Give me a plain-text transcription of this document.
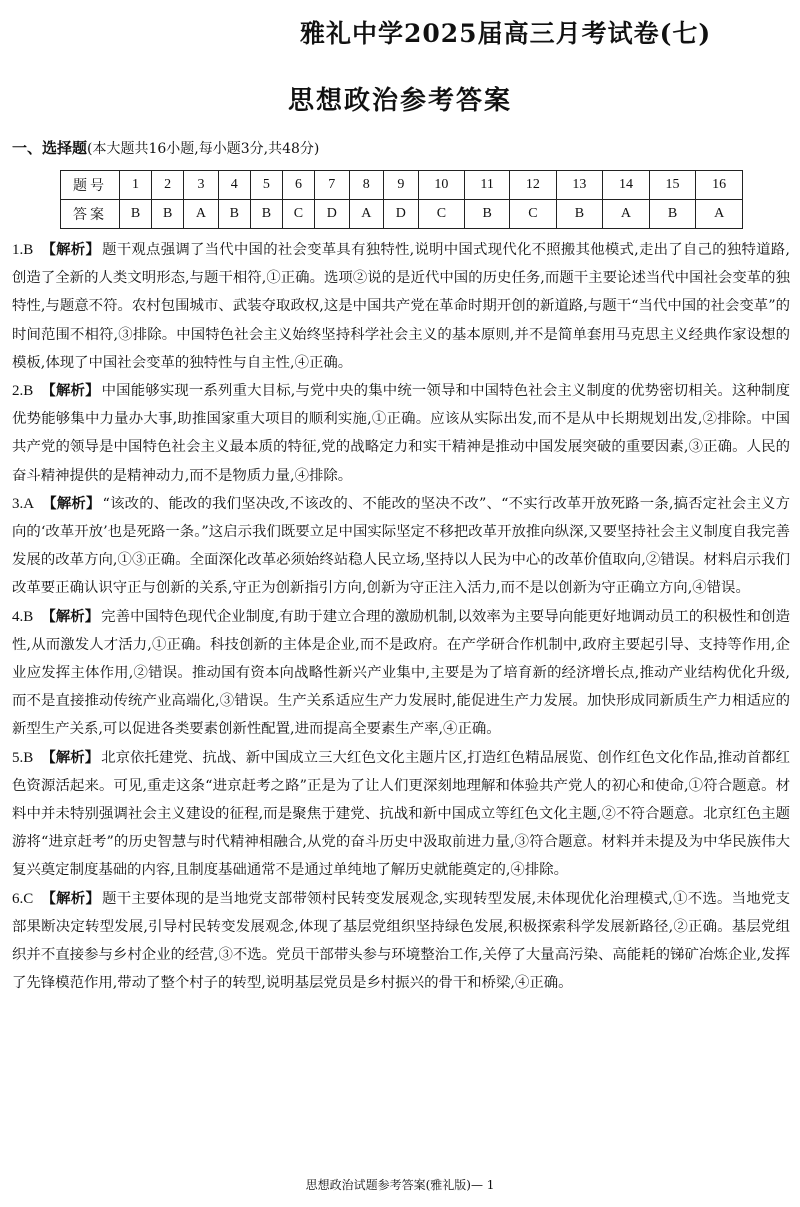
雅礼中学2025届高三月考试卷(七)
思想政治参考答案
一、选择题(本大题共16小题,每小题3分,共48分)
题号	1	2	3	4	5	6	7	8	9	10	11	12	13	14	15	16
答案	B	B	A	B	B	C	D	A	D	C	B	C	B	A	B	A
1.B 【解析】 题干观点强调了当代中国的社会变革具有独特性,说明中国式现代化不照搬其他模式,走出了自己的独特道路,创造了全新的人类文明形态,与题干相符,①正确。选项②说的是近代中国的历史任务,而题干主要论述当代中国社会变革的独特性,与题意不符。农村包围城市、武装夺取政权,这是中国共产党在革命时期开创的新道路,与题干“当代中国的社会变革”的时间范围不相符,③排除。中国特色社会主义始终坚持科学社会主义的基本原则,并不是简单套用马克思主义经典作家设想的模板,体现了中国社会变革的独特性与自主性,④正确。
2.B 【解析】 中国能够实现一系列重大目标,与党中央的集中统一领导和中国特色社会主义制度的优势密切相关。这种制度优势能够集中力量办大事,助推国家重大项目的顺利实施,①正确。应该从实际出发,而不是从中长期规划出发,②排除。中国共产党的领导是中国特色社会主义最本质的特征,党的战略定力和实干精神是推动中国发展突破的重要因素,③正确。人民的奋斗精神提供的是精神动力,而不是物质力量,④排除。
3.A 【解析】 “该改的、能改的我们坚决改,不该改的、不能改的坚决不改”、“不实行改革开放死路一条,搞否定社会主义方向的‘改革开放’也是死路一条。”这启示我们既要立足中国实际坚定不移把改革开放推向纵深,又要坚持社会主义制度自我完善发展的改革方向,①③正确。全面深化改革必须始终站稳人民立场,坚持以人民为中心的改革价值取向,②错误。材料启示我们改革要正确认识守正与创新的关系,守正为创新指引方向,创新为守正注入活力,而不是以创新为守正确立方向,④错误。
4.B 【解析】 完善中国特色现代企业制度,有助于建立合理的激励机制,以效率为主要导向能更好地调动员工的积极性和创造性,从而激发人才活力,①正确。科技创新的主体是企业,而不是政府。在产学研合作机制中,政府主要起引导、支持等作用,企业应发挥主体作用,②错误。推动国有资本向战略性新兴产业集中,主要是为了培育新的经济增长点,推动产业结构优化升级,而不是直接推动传统产业高端化,③错误。生产关系适应生产力发展时,能促进生产力发展。加快形成同新质生产力相适应的新型生产关系,可以促进各类要素创新性配置,进而提高全要素生产率,④正确。
5.B 【解析】 北京依托建党、抗战、新中国成立三大红色文化主题片区,打造红色精品展览、创作红色文化作品,推动首都红色资源活起来。可见,重走这条“进京赶考之路”正是为了让人们更深刻地理解和体验共产党人的初心和使命,①符合题意。材料中并未特别强调社会主义建设的征程,而是聚焦于建党、抗战和新中国成立等红色文化主题,②不符合题意。北京红色主题游将“进京赶考”的历史智慧与时代精神相融合,从党的奋斗历史中汲取前进力量,③符合题意。材料并未提及为中华民族伟大复兴奠定制度基础的内容,且制度基础通常不是通过单纯地了解历史就能奠定的,④排除。
6.C 【解析】 题干主要体现的是当地党支部带领村民转变发展观念,实现转型发展,未体现优化治理模式,①不选。当地党支部果断决定转型发展,引导村民转变发展观念,体现了基层党组织坚持绿色发展,积极探索科学发展新路径,②正确。基层党组织并不直接参与乡村企业的经营,③不选。党员干部带头参与环境整治工作,关停了大量高污染、高能耗的锑矿冶炼企业,发挥了先锋模范作用,带动了整个村子的转型,说明基层党员是乡村振兴的骨干和桥梁,④正确。
思想政治试题参考答案(雅礼版)— 1
